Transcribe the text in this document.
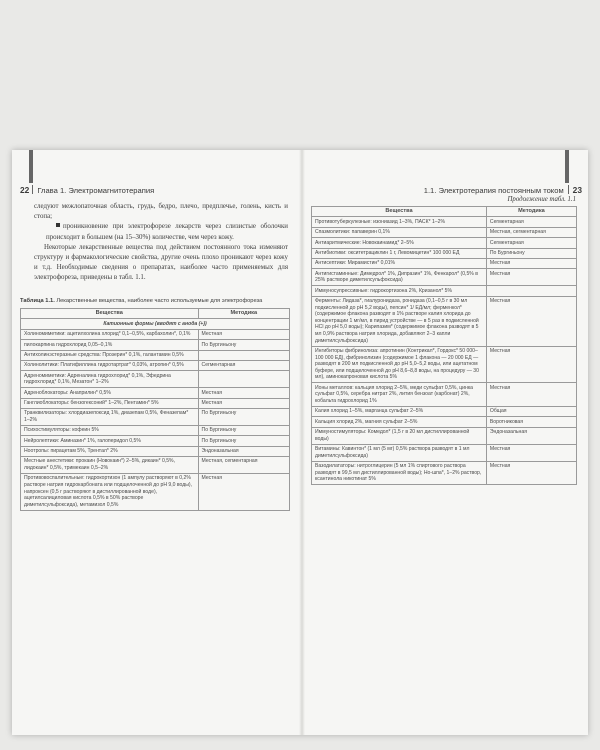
22 Глава 1. Электромагнитотерапия

следуют межлопаточная область, грудь, бедро, плечо, предплечье, голень, кисть и стопа;

проникновение при электрофорезе лекарств через слизистые оболочки происходит в большем (на 15–30%) количестве, чем через кожу.

Некоторые лекарственные вещества под действием постоянного тока изменяют структуру и фармакологические свойства, другие очень плохо проникают через кожу и т.д. Необходимые сведения о препаратах, наиболее часто применяемых для электрофореза, приведены в табл. 1.1.

Таблица 1.1. Лекарственные вещества, наиболее часто используемые для электрофореза
Вещества	Методика
Катионные формы (вводят с анода (+))	
Холиномиметики: ацетилхолина хлорид* 0,1–0,5%, карбахолин*, 0,1%	Местная
пилокарпина гидрохлорид 0,05–0,1%	По Бургиньону
Антихолинэстеразные средства: Прозерин* 0,1%, галантамин 0,5%	
Холинолитики: Платифиллина гидротартрат* 0,03%, атропин* 0,5%	Сегментарная
Адреномиметики: Адреналина гидрохлорид* 0,1%, Эфедрина гидрохлорид* 0,1%, Мезатон* 1–2%	
Адреноблокаторы: Анаприлин* 0,5%	Местная
Ганглиоблокаторы: бензогексоний* 1–2%, Пентамин* 5%	Местная
Транквилизаторы: хлордиазепоксид 1%, диазепам 0,5%, Феназепам* 1–2%	По Бургиньону
Психостимуляторы: кофеин 5%	По Бургиньону
Нейролептики: Аминазин* 1%, галоперидол 0,5%	По Бургиньону
Ноотропы: пирацетам 5%, Трентал* 2%	Эндоназальная
Местные анестетики: прокаин (Новокаин*) 2–5%, дикаин* 0,5%, лидокаин* 0,5%, тримекаин 0,5–2%	Местная, сегментарная
Противовоспалительные: гидрокортизон (1 ампулу растворяют в 0,2% растворе натрия гидрокарбоната или подщелоченной до pH 9,0 воды), напроксен (0,5 г растворяют в дистиллированной воде), ацетилсалициловая кислота 0,5% в 50% растворе диметилсульфоксида), метамизол 0,5%	Местная
1.1. Электротерапия постоянным током 23
Продолжение табл. 1.1
Вещества	Методика
Противотуберкулезные: изониазид 1–3%, ПАСК* 1–2%	Сегментарная
Спазмолитики: папаверин 0,1%	Местная, сегментарная
Антиаритмические: Новокаинамид* 2–5%	Сегментарная
Антибиотики: окситетрациклин 1 г, Левомицетин* 100 000 ЕД	По Бургиньону
Антисептики: Мирамистин* 0,01%	Местная
Антигистаминные: Димедрол* 1%, Дипразин* 1%, Фенкарол* (0,5% в 25% растворе диметилсульфоксида)	Местная
Иммуносупрессивные: гидрокортизона 2%, Кризанол* 5%	
Ферменты: Лидаза*, гиалуронидаза, ронидаза (0,1–0,5 г в 30 мл подкисленной до pH 5,2 воды), пепсин* 1/ ЕД/мл; ферменкол* (содержимое флакона разводят в 1% растворе калия хлорида до концентрации 1 мг/мл, в пирид устройстве — в 5 раз в подкисленной HCl до pH 5,0 воды); Карипазим* (содержимое флакона разводят в 5 мл 0,9% раствора натрия хлорида, добавляют 2–3 капли диметилсульфоксида)	Местная
Ингибиторы фибринолиза: апротинин (Контрикал*, Гордокс* 50 000–100 000 ЕД), фибринолизин (содержимое 1 флакона — 20 000 ЕД — разводят в 200 мл подкисленной до pH 5,0–5,2 воды, или ацетатном буфере, или подщелоченной до pH 8,6–8,8 воды, на процедуру — 30 мл), аминокапроновая кислота 5%	Местная
Ионы металлов: кальция хлорид 2–5%, меди сульфат 0,5%, цинка сульфат 0,5%, серебра нитрат 2%, лития бензоат (карбонат) 2%, кобальта гидрохлорид 1%	Местная
Калия хлорид 1–5%, марганца сульфат 2–5%	Общая
Кальция хлорид 2%, магния сульфат 2–5%	Воротниковая
Иммуностимуляторы: Комедол* (1,5 г в 20 мл дистиллированной воды)	Эндоназальная
Витамины: Кавинтон* (1 мл (5 мг) 0,5% раствора разводят в 1 мл диметилсульфоксида)	Местная
Вазодилататоры: нитроглицерин (5 мл 1% спиртового раствора разводят в 99,5 мл дистиллированной воды); Но-шпа*, 1–2% раствор, ксантинола никотинат 5%	Местная
